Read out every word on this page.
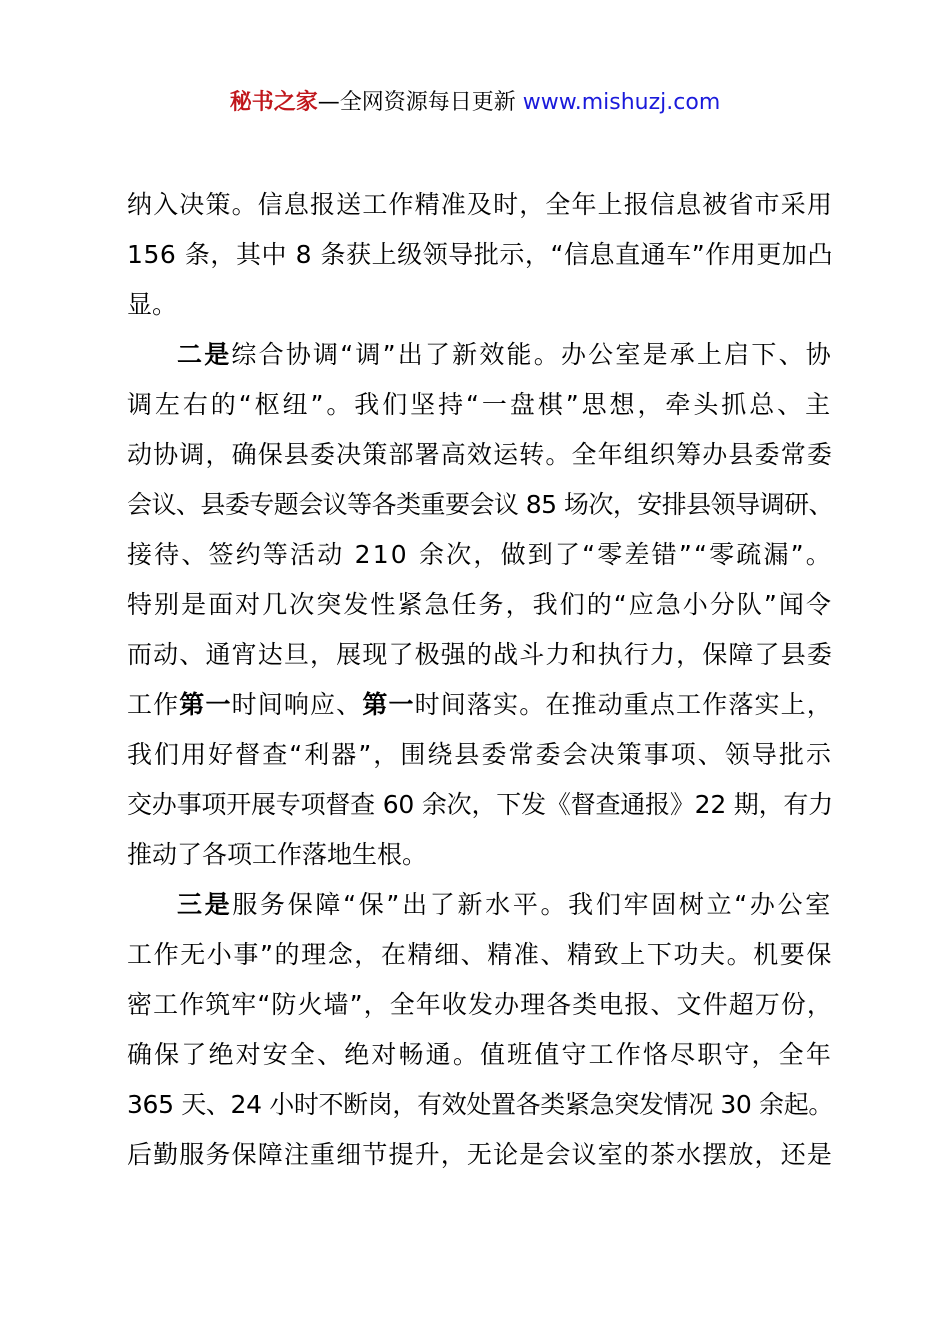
秘书之家—全网资源每日更新 www.mishuzj.com
纳入决策。信息报送工作精准及时，全年上报信息被省市采用
156 条，其中 8 条获上级领导批示，“信息直通车”作用更加凸
显。
二是综合协调“调”出了新效能。办公室是承上启下、协
调左右的“枢纽”。我们坚持“一盘棋”思想，牵头抓总、主
动协调，确保县委决策部署高效运转。全年组织筹办县委常委
会议、县委专题会议等各类重要会议 85 场次，安排县领导调研、
接待、签约等活动 210 余次，做到了“零差错”“零疏漏”。
特别是面对几次突发性紧急任务，我们的“应急小分队”闻令
而动、通宵达旦，展现了极强的战斗力和执行力，保障了县委
工作第一时间响应、第一时间落实。在推动重点工作落实上，
我们用好督查“利器”，围绕县委常委会决策事项、领导批示
交办事项开展专项督查 60 余次，下发《督查通报》22 期，有力
推动了各项工作落地生根。
三是服务保障“保”出了新水平。我们牢固树立“办公室
工作无小事”的理念，在精细、精准、精致上下功夫。机要保
密工作筑牢“防火墙”，全年收发办理各类电报、文件超万份，
确保了绝对安全、绝对畅通。值班值守工作恪尽职守，全年
365 天、24 小时不断岗，有效处置各类紧急突发情况 30 余起。
后勤服务保障注重细节提升，无论是会议室的茶水摆放，还是
